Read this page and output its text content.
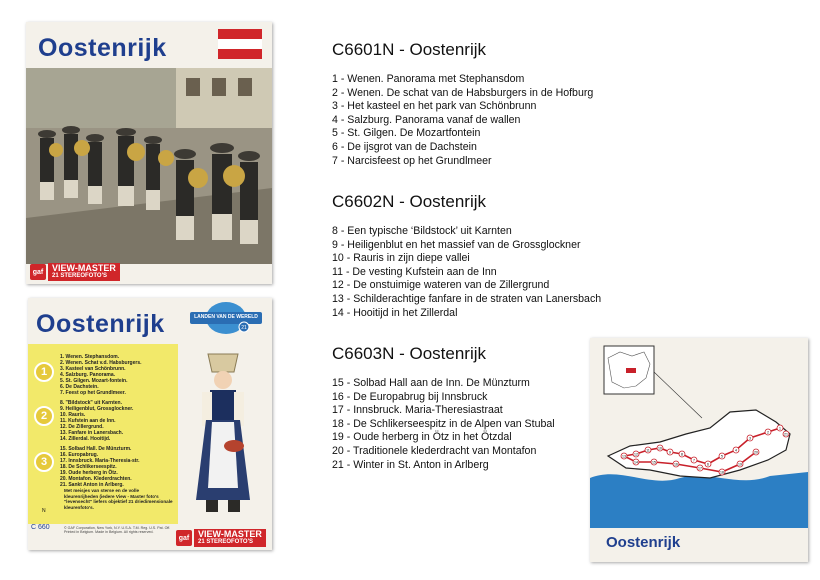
Oostenrijk
gaf VIEW-MASTER
21 STEREOFOTO'S
Oostenrijk	21
LANDEN VAN DE WERELD
1
2
3
1. Wenen. Stephansdom.
2. Wenen. Schat v.d. Habsburgers.
3. Kasteel van Schönbrunn.
4. Salzburg. Panorama.
5. St. Gilgen. Mozart-fontein.
6. De Dachstein.
7. Feest op het Grundlmeer.
8. "Bildstock" uit Karnten.
9. Heiligenblut, Grossglockner.
10. Rauris.
11. Kufstein aan de Inn.
12. De Zillergrund.
13. Fanfare in Lanersbach.
14. Zillerdal. Hooitijd.
15. Solbad Hall. De Münzturm.
16. Europabrug.
17. Innsbruck. Maria-Theresia-str.
18. De Schlikerseespitz.
19. Oude herberg in Ötz.
20. Montafon. Klederdrachten.
21. Sankt Anton in Arlberg.
Met meisjes van sterse en de volle kleurenrijheden (iedere View - Master foto's "levensecht" liefers objektief 21 driedimensionale kleurenfoto's.
N
C 660	© GAF Corporation, New York, N.Y. U.S.A. T.M. Reg. U.S. Pat. Off. Printed in Belgium. Made in Belgium. All rights reserved.
gaf VIEW-MASTER
21 STEREOFOTO'S
C6601N - Oostenrijk
1 - Wenen. Panorama met Stephansdom
2 - Wenen. De schat van de Habsburgers in de Hofburg
3 - Het kasteel en het park van Schönbrunn
4 - Salzburg. Panorama vanaf de wallen
5 - St. Gilgen. De Mozartfontein
6 - De ijsgrot van de Dachstein
7 - Narcisfeest op het Grundlmeer
C6602N - Oostenrijk
8 - Een typische ‘Bildstock’ uit Karnten
9 - Heiligenblut en het massief van de Grossglockner
10 - Rauris in zijn diepe vallei
11 - De vesting Kufstein aan de Inn
12 - De onstuimige wateren van de Zillergrund
13 - Schilderachtige fanfare in de straten van Lanersbach
14 - Hooitijd in het Zillerdal
C6603N - Oostenrijk
15 - Solbad Hall aan de Inn. De Münzturm
16 - De Europabrug bij Innsbruck
17 - Innsbruck. Maria-Theresiastraat
18 - De Schlikerseespitz in de Alpen van Stubal
19 - Oude herberg in Ötz in het Ötzdal
20 - Traditionele klederdracht van Montafon
21 - Winter in St. Anton in Arlberg
1
2
3
4
5
6
7
8
9
10
11
12
13
14	15	16
17
18
19
20
21
Oostenrijk
